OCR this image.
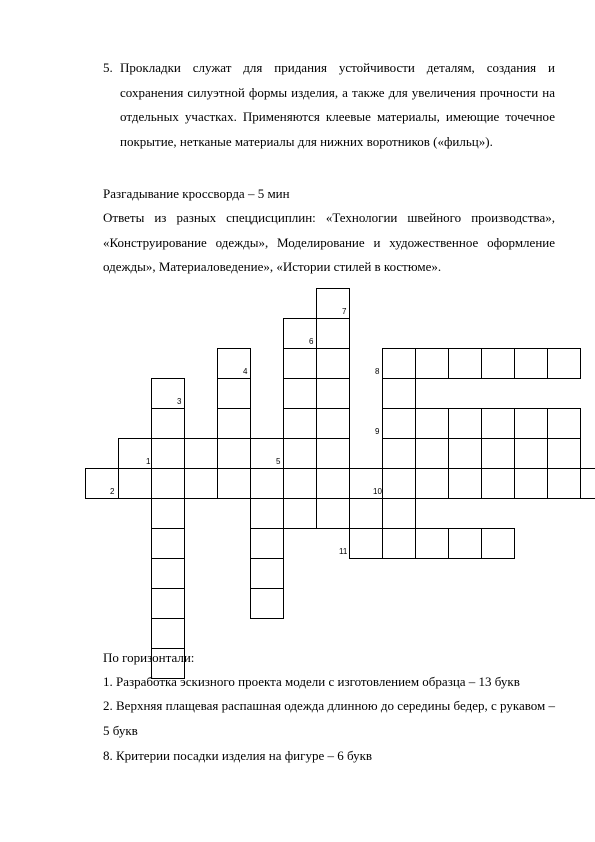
5. Прокладки служат для придания устойчивости деталям, создания и сохранения силуэтной формы изделия, а также для увеличения прочности на отдельных участках. Применяются клеевые материалы, имеющие точечное покрытие, нетканые материалы для нижних воротников («фильц»).
Разгадывание кроссворда – 5 мин
Ответы из разных спецдисциплин: «Технологии швейного производства», «Конструирование одежды», Моделирование и художественное оформление одежды», Материаловедение», «Истории стилей в костюме».
1
2
3
4
5
6
7
8
9
10
11
По горизонтали:
1. Разработка эскизного проекта модели с изготовлением образца – 13 букв
2. Верхняя плащевая распашная одежда длинною до середины бедер, с рукавом – 5 букв
8. Критерии посадки изделия на фигуре – 6 букв
